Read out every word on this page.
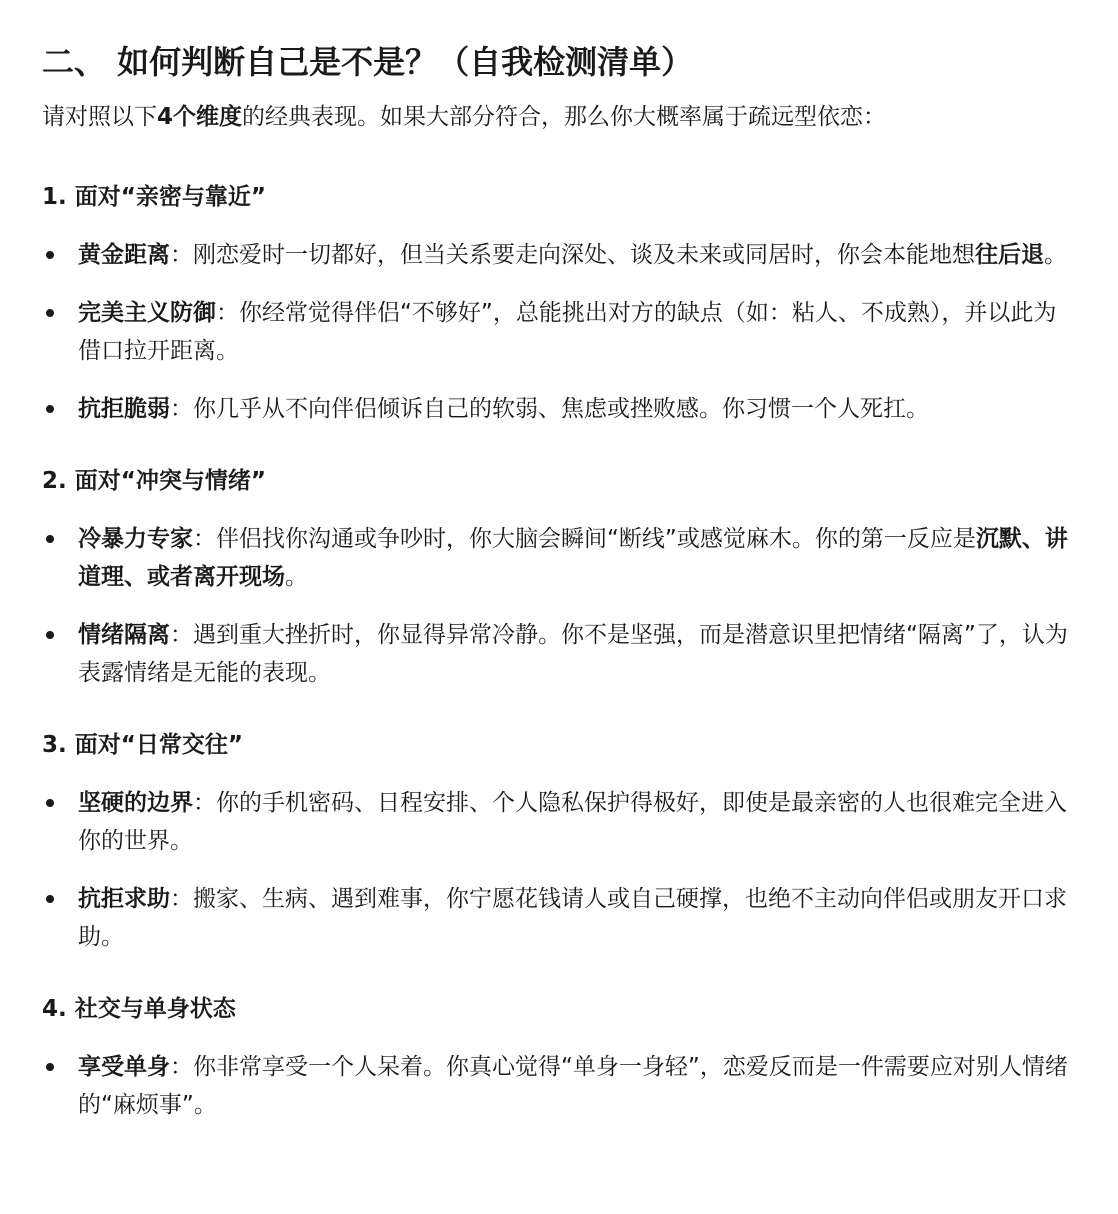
二、 如何判断自己是不是？（自我检测清单）

请对照以下4个维度的经典表现。如果大部分符合，那么你大概率属于疏远型依恋：

1. 面对“亲密与靠近”
黄金距离：刚恋爱时一切都好，但当关系要走向深处、谈及未来或同居时，你会本能地想往后退。
完美主义防御：你经常觉得伴侣“不够好”，总能挑出对方的缺点（如：粘人、不成熟），并以此为借口拉开距离。
抗拒脆弱：你几乎从不向伴侣倾诉自己的软弱、焦虑或挫败感。你习惯一个人死扛。
2. 面对“冲突与情绪”
冷暴力专家：伴侣找你沟通或争吵时，你大脑会瞬间“断线”或感觉麻木。你的第一反应是沉默、讲道理、或者离开现场。
情绪隔离：遇到重大挫折时，你显得异常冷静。你不是坚强，而是潜意识里把情绪“隔离”了，认为表露情绪是无能的表现。
3. 面对“日常交往”
坚硬的边界：你的手机密码、日程安排、个人隐私保护得极好，即使是最亲密的人也很难完全进入你的世界。
抗拒求助：搬家、生病、遇到难事，你宁愿花钱请人或自己硬撑，也绝不主动向伴侣或朋友开口求助。
4. 社交与单身状态
享受单身：你非常享受一个人呆着。你真心觉得“单身一身轻”，恋爱反而是一件需要应对别人情绪的“麻烦事”。
